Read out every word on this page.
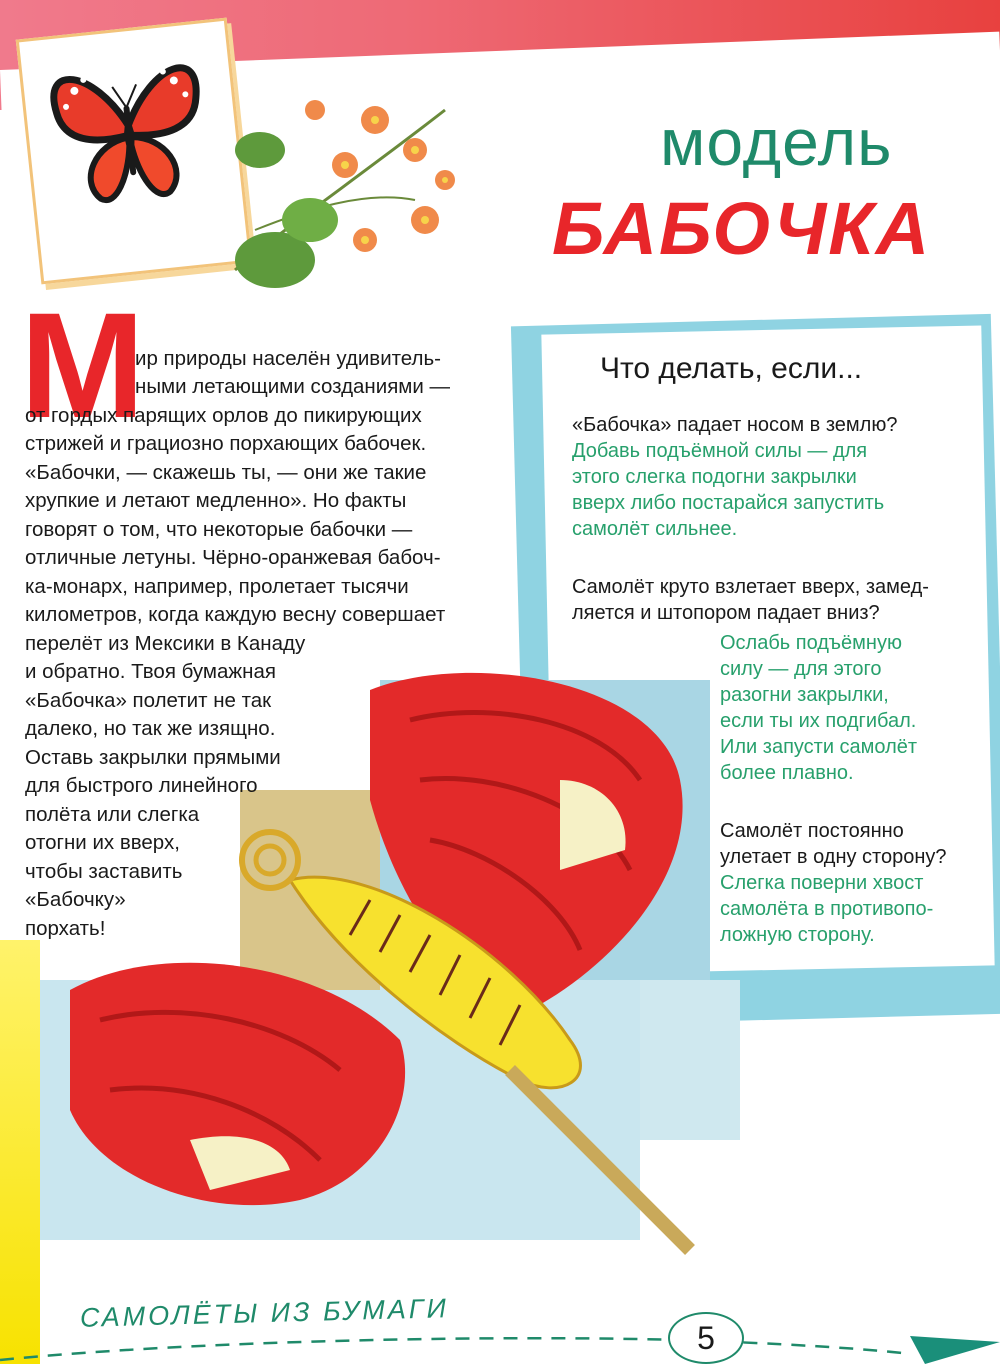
модель
БАБОЧКА
М
ир природы населён удивитель-
ными летающими созданиями —
от гордых парящих орлов до пикирующих
стрижей и грациозно порхающих бабочек.
«Бабочки, — скажешь ты, — они же такие
хрупкие и летают медленно». Но факты
говорят о том, что некоторые бабочки —
отличные летуны. Чёрно-оранжевая бабоч-
ка-монарх, например, пролетает тысячи
километров, когда каждую весну совершает
перелёт из Мексики в Канаду
и обратно. Твоя бумажная
«Бабочка» полетит не так
далеко, но так же изящно.
Оставь закрылки прямыми
для быстрого линейного
полёта или слегка
отогни их вверх,
чтобы заставить
«Бабочку»
порхать!
Что делать, если...
«Бабочка» падает носом в землю?
Добавь подъёмной силы — для
этого слегка подогни закрылки
вверх либо постарайся запустить
самолёт сильнее.
Самолёт круто взлетает вверх, замед-
ляется и штопором падает вниз?
Ослабь подъёмную
силу — для этого
разогни закрылки,
если ты их подгибал.
Или запусти самолёт
более плавно.
Самолёт постоянно
улетает в одну сторону?
Слегка поверни хвост
самолёта в противопо-
ложную сторону.
САМОЛЁТЫ ИЗ БУМАГИ
5
